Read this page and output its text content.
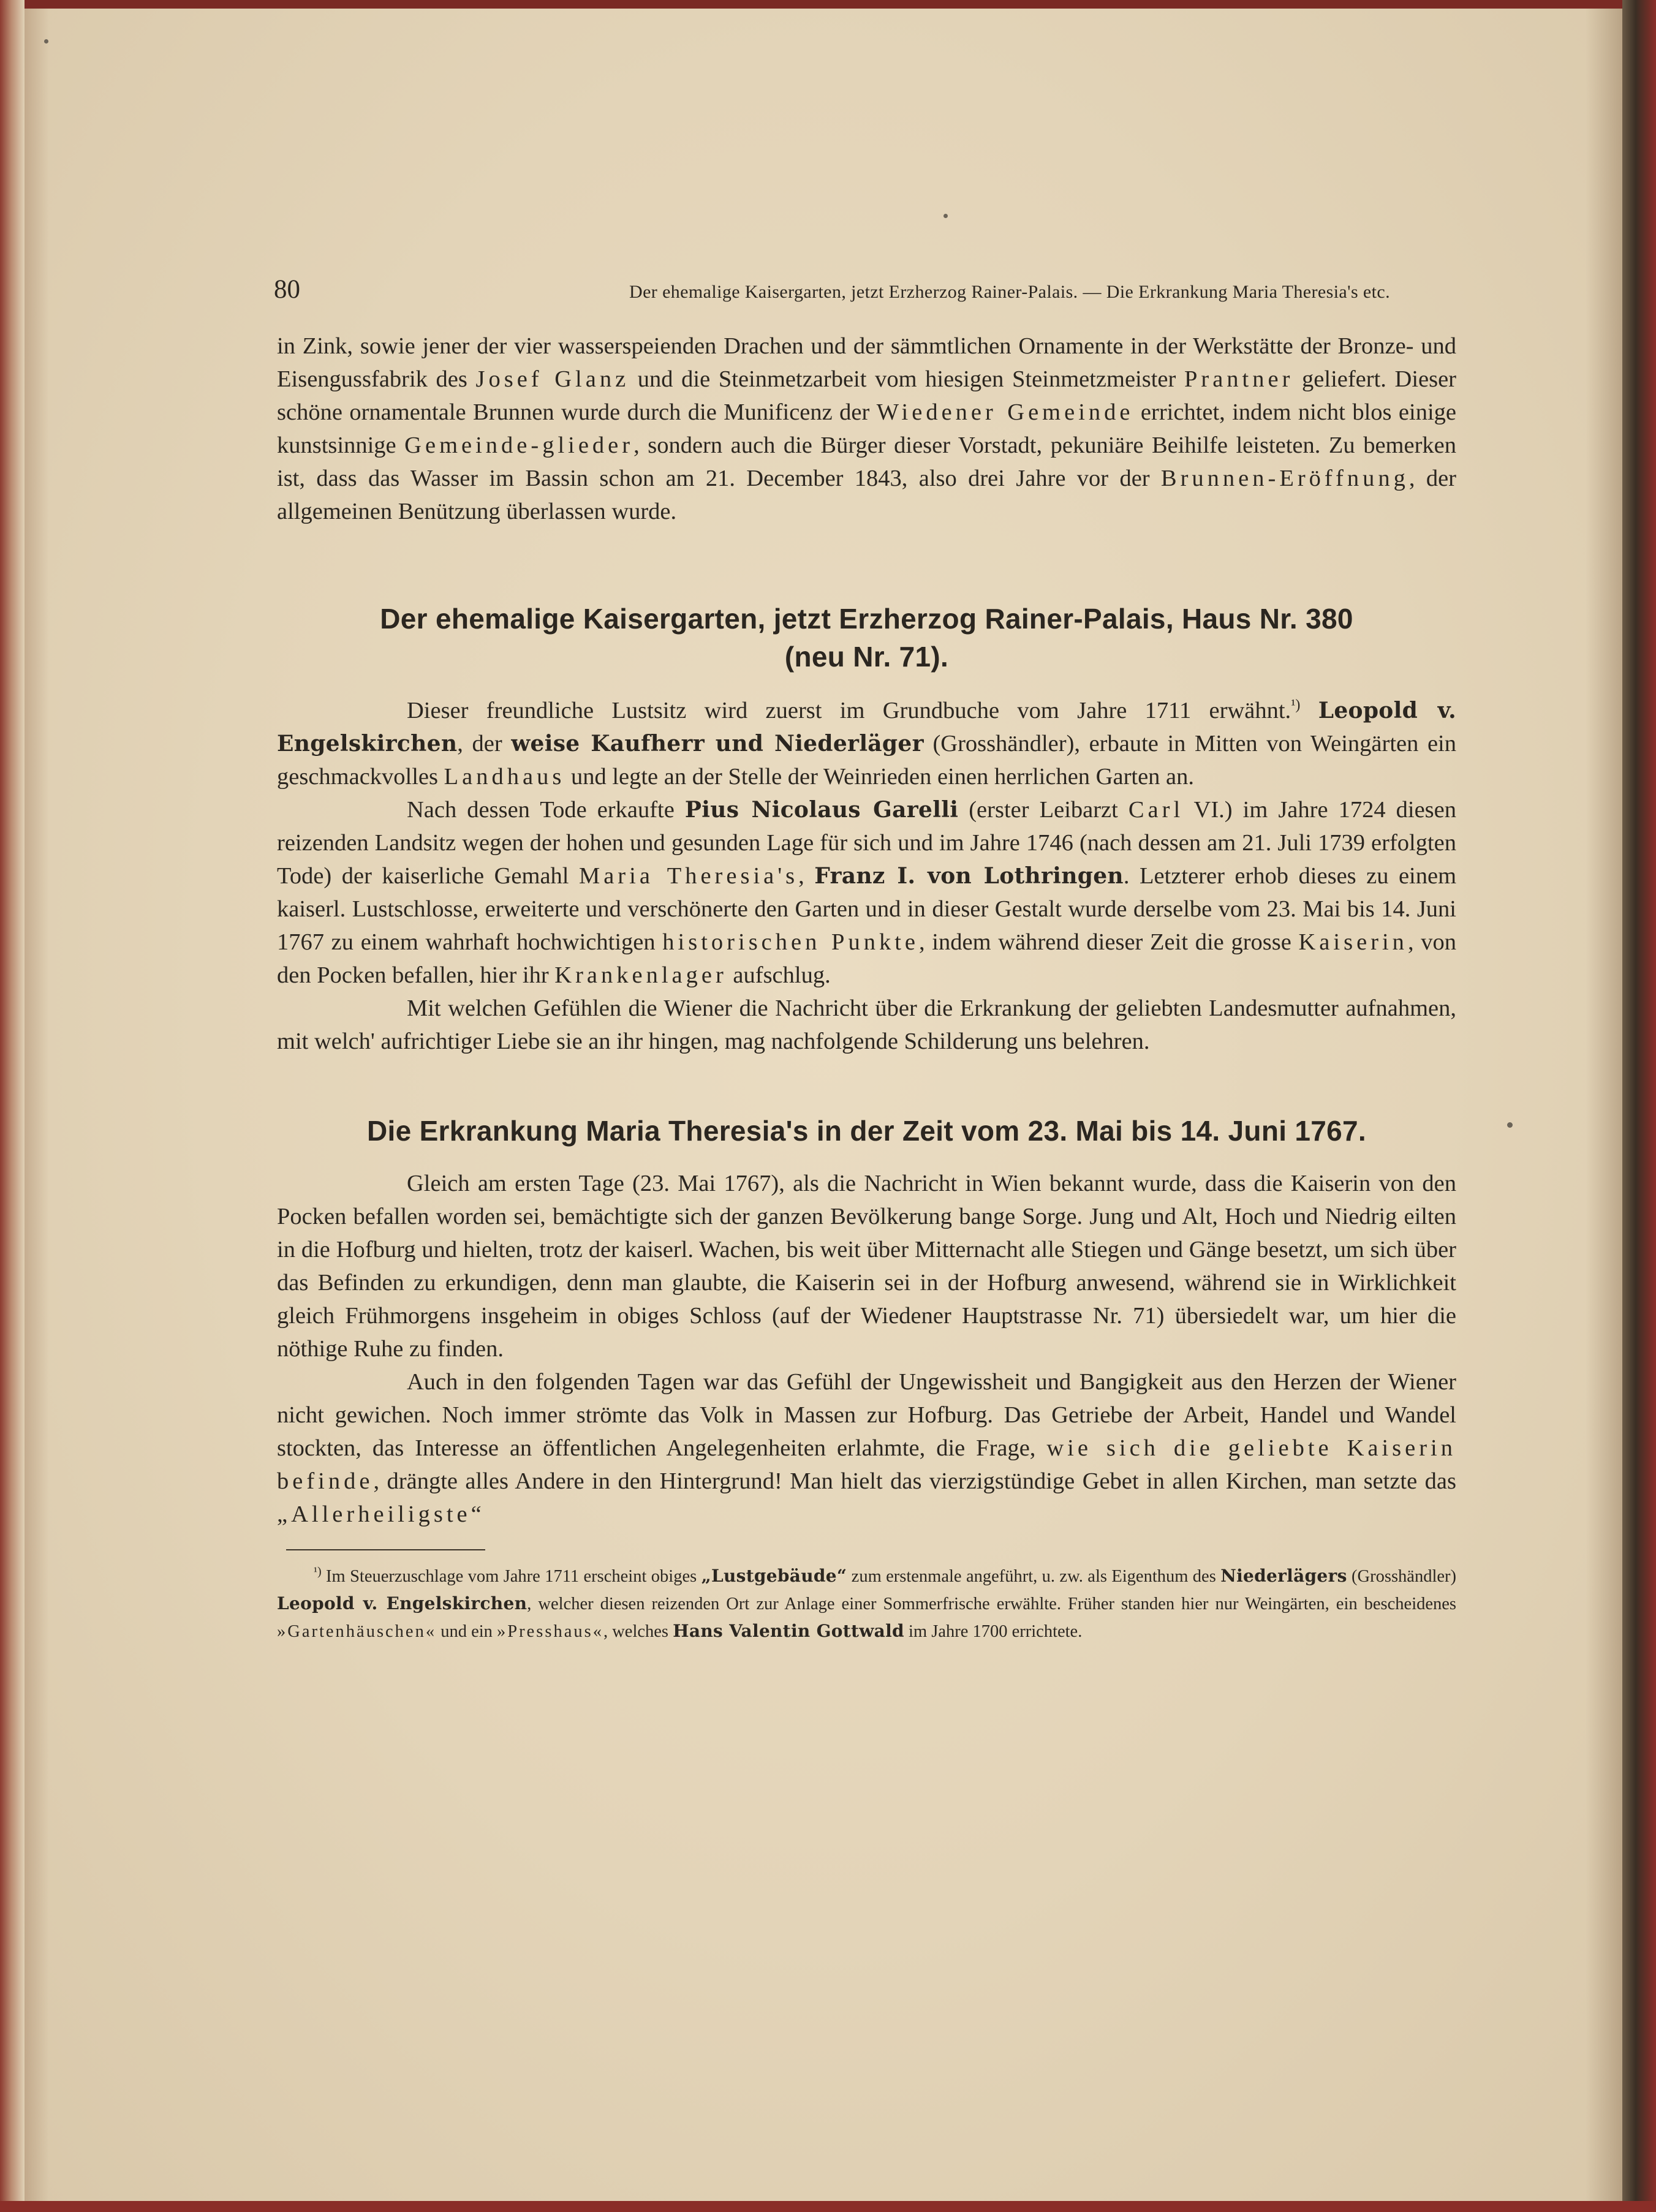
80	Der ehemalige Kaisergarten, jetzt Erzherzog Rainer-Palais. — Die Erkrankung Maria Theresia's etc.

in Zink, sowie jener der vier wasserspeienden Drachen und der sämmtlichen Ornamente in der Werkstätte der Bronze- und Eisengussfabrik des Josef Glanz und die Steinmetzarbeit vom hiesigen Steinmetzmeister Prantner geliefert. Dieser schöne ornamentale Brunnen wurde durch die Munificenz der Wiedener Gemeinde errichtet, indem nicht blos einige kunstsinnige Gemeinde-glieder, sondern auch die Bürger dieser Vorstadt, pekuniäre Beihilfe leisteten. Zu bemerken ist, dass das Wasser im Bassin schon am 21. December 1843, also drei Jahre vor der Brunnen-Eröffnung, der allgemeinen Benützung überlassen wurde.

Der ehemalige Kaisergarten, jetzt Erzherzog Rainer-Palais, Haus Nr. 380
(neu Nr. 71).

Dieser freundliche Lustsitz wird zuerst im Grundbuche vom Jahre 1711 erwähnt.$^{^1)}$ Leopold v. Engelskirchen, der weise Kaufherr und Niederläger (Grosshändler), erbaute in Mitten von Weingärten ein geschmackvolles Landhaus und legte an der Stelle der Weinrieden einen herrlichen Garten an.

Nach dessen Tode erkaufte Pius Nicolaus Garelli (erster Leibarzt Carl VI.) im Jahre 1724 diesen reizenden Landsitz wegen der hohen und gesunden Lage für sich und im Jahre 1746 (nach dessen am 21. Juli 1739 erfolgten Tode) der kaiserliche Gemahl Maria Theresia's, Franz I. von Lothringen. Letzterer erhob dieses zu einem kaiserl. Lustschlosse, erweiterte und verschönerte den Garten und in dieser Gestalt wurde derselbe vom 23. Mai bis 14. Juni 1767 zu einem wahrhaft hochwichtigen historischen Punkte, indem während dieser Zeit die grosse Kaiserin, von den Pocken befallen, hier ihr Krankenlager aufschlug.

Mit welchen Gefühlen die Wiener die Nachricht über die Erkrankung der geliebten Landesmutter aufnahmen, mit welch' aufrichtiger Liebe sie an ihr hingen, mag nachfolgende Schilderung uns belehren.

Die Erkrankung Maria Theresia's in der Zeit vom 23. Mai bis 14. Juni 1767.

Gleich am ersten Tage (23. Mai 1767), als die Nachricht in Wien bekannt wurde, dass die Kaiserin von den Pocken befallen worden sei, bemächtigte sich der ganzen Bevölkerung bange Sorge. Jung und Alt, Hoch und Niedrig eilten in die Hofburg und hielten, trotz der kaiserl. Wachen, bis weit über Mitternacht alle Stiegen und Gänge besetzt, um sich über das Befinden zu erkundigen, denn man glaubte, die Kaiserin sei in der Hofburg anwesend, während sie in Wirklichkeit gleich Frühmorgens insgeheim in obiges Schloss (auf der Wiedener Hauptstrasse Nr. 71) übersiedelt war, um hier die nöthige Ruhe zu finden.

Auch in den folgenden Tagen war das Gefühl der Ungewissheit und Bangigkeit aus den Herzen der Wiener nicht gewichen. Noch immer strömte das Volk in Massen zur Hofburg. Das Getriebe der Arbeit, Handel und Wandel stockten, das Interesse an öffentlichen Angelegenheiten erlahmte, die Frage, wie sich die geliebte Kaiserin befinde, drängte alles Andere in den Hintergrund! Man hielt das vierzigstündige Gebet in allen Kirchen, man setzte das „Allerheiligste“

$^{^1)}$ Im Steuerzuschlage vom Jahre 1711 erscheint obiges „Lustgebäude“ zum erstenmale angeführt, u. zw. als Eigenthum des Niederlägers (Grosshändler) Leopold v. Engelskirchen, welcher diesen reizenden Ort zur Anlage einer Sommerfrische erwählte. Früher standen hier nur Weingärten, ein bescheidenes »Gartenhäuschen« und ein »Presshaus«, welches Hans Valentin Gottwald im Jahre 1700 errichtete.
